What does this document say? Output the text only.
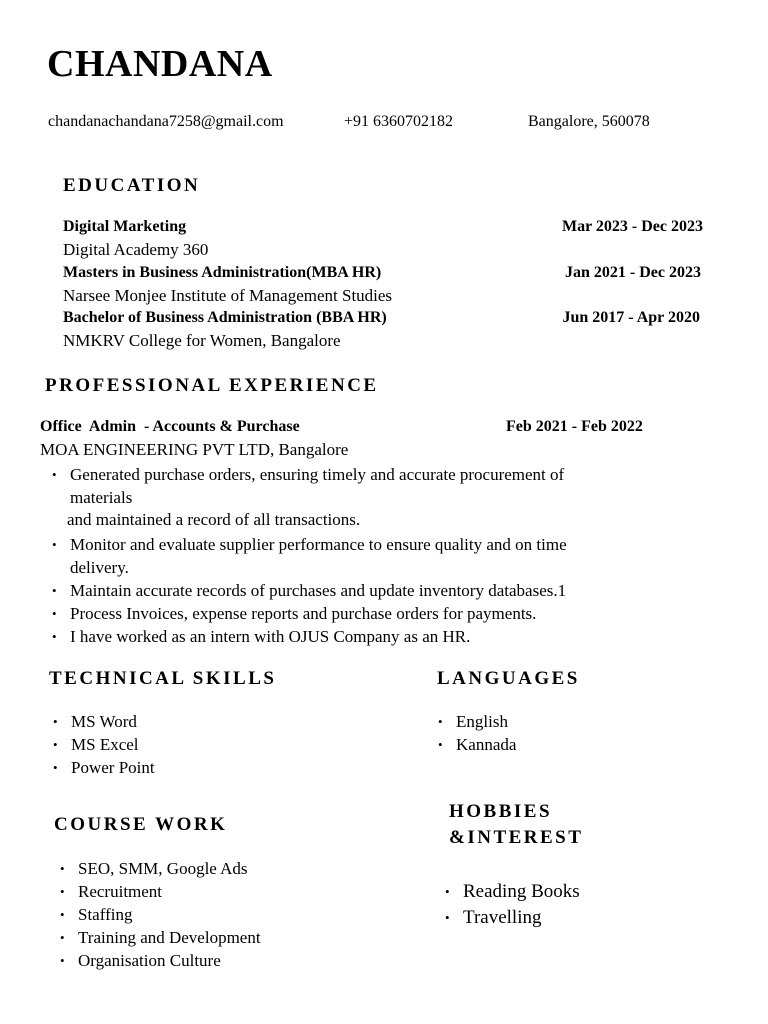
CHANDANA
chandanachandana7258@gmail.com	+91 6360702182	Bangalore, 560078
EDUCATION
Digital Marketing	Mar 2023 - Dec 2023
Digital Academy 360
Masters in Business Administration(MBA HR)	Jan 2021 - Dec 2023
Narsee Monjee Institute of Management Studies
Bachelor of Business Administration (BBA HR)	Jun 2017 - Apr 2020
NMKRV College for Women, Bangalore
PROFESSIONAL EXPERIENCE
Office  Admin  - Accounts & Purchase	Feb 2021 - Feb 2022
MOA ENGINEERING PVT LTD, Bangalore
• Generated purchase orders, ensuring timely and accurate procurement of
materials
and maintained a record of all transactions.
• Monitor and evaluate supplier performance to ensure quality and on time
delivery.
• Maintain accurate records of purchases and update inventory databases.1
• Process Invoices, expense reports and purchase orders for payments.
• I have worked as an intern with OJUS Company as an HR.
TECHNICAL SKILLS
• MS Word
• MS Excel
• Power Point
LANGUAGES
• English
• Kannada
COURSE WORK
• SEO, SMM, Google Ads
• Recruitment
• Staffing
• Training and Development
• Organisation Culture
HOBBIES
&INTEREST
• Reading Books
• Travelling
